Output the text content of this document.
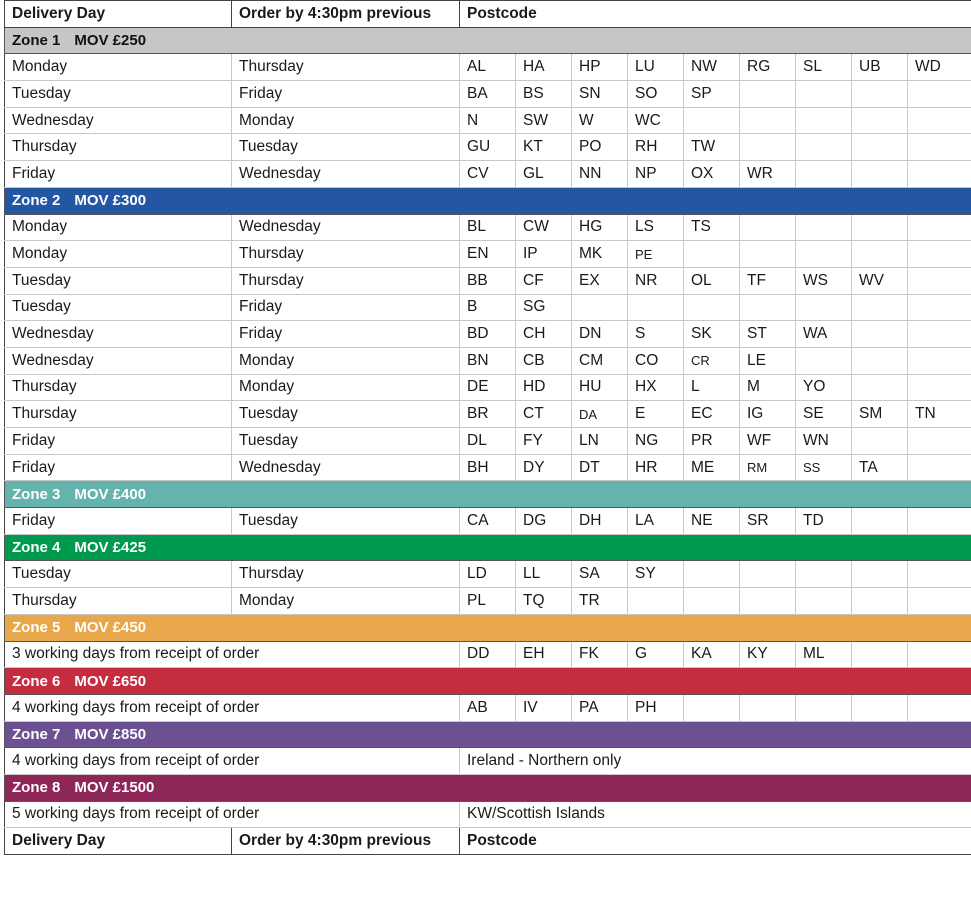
Delivery Day	Order by 4:30pm previous	Postcode								
Zone 1 MOV £250										
Monday	Thursday	AL	HA	HP	LU	NW	RG	SL	UB	WD
Tuesday	Friday	BA	BS	SN	SO	SP				
Wednesday	Monday	N	SW	W	WC					
Thursday	Tuesday	GU	KT	PO	RH	TW				
Friday	Wednesday	CV	GL	NN	NP	OX	WR			
Zone 2 MOV £300										
Monday	Wednesday	BL	CW	HG	LS	TS				
Monday	Thursday	EN	IP	MK	PE					
Tuesday	Thursday	BB	CF	EX	NR	OL	TF	WS	WV	
Tuesday	Friday	B	SG							
Wednesday	Friday	BD	CH	DN	S	SK	ST	WA		
Wednesday	Monday	BN	CB	CM	CO	CR	LE			
Thursday	Monday	DE	HD	HU	HX	L	M	YO		
Thursday	Tuesday	BR	CT	DA	E	EC	IG	SE	SM	TN
Friday	Tuesday	DL	FY	LN	NG	PR	WF	WN		
Friday	Wednesday	BH	DY	DT	HR	ME	RM	SS	TA	
Zone 3 MOV £400										
Friday	Tuesday	CA	DG	DH	LA	NE	SR	TD		
Zone 4 MOV £425										
Tuesday	Thursday	LD	LL	SA	SY					
Thursday	Monday	PL	TQ	TR						
Zone 5 MOV £450										
3 working days from receipt of order		DD	EH	FK	G	KA	KY	ML		
Zone 6 MOV £650										
4 working days from receipt of order		AB	IV	PA	PH					
Zone 7 MOV £850										
4 working days from receipt of order		Ireland - Northern only								
Zone 8 MOV £1500										
5 working days from receipt of order		KW/Scottish Islands								
Delivery Day	Order by 4:30pm previous	Postcode								
